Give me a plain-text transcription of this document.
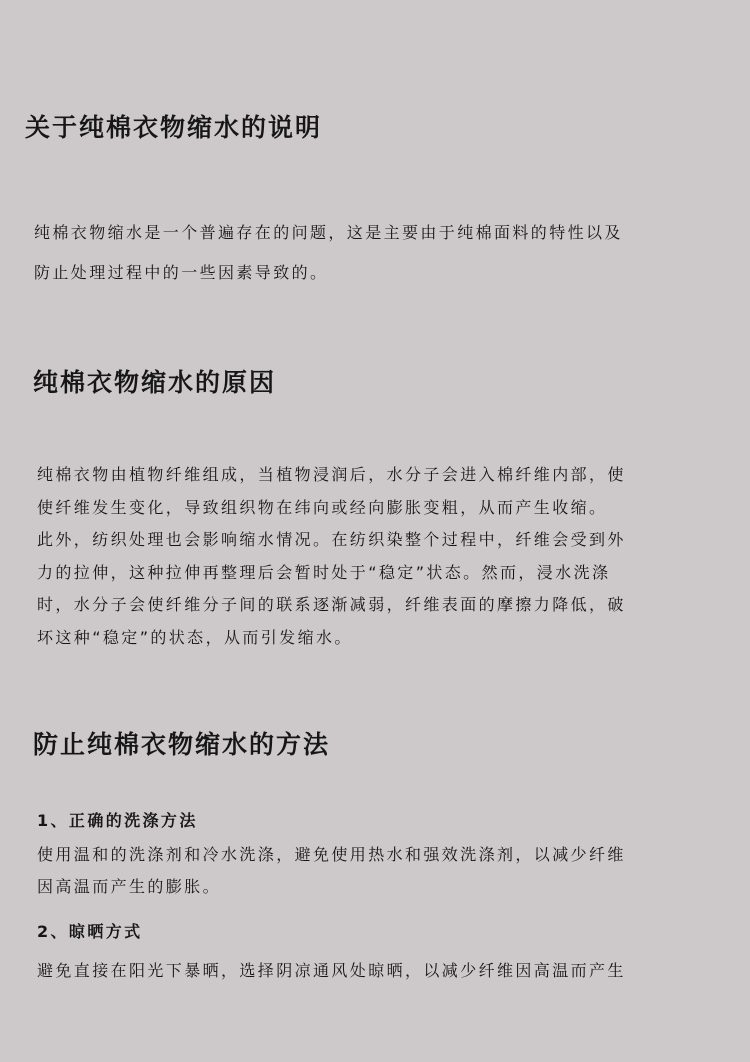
关于纯棉衣物缩水的说明
纯棉衣物缩水是一个普遍存在的问题，这是主要由于纯棉面料的特性以及
防止处理过程中的一些因素导致的。
纯棉衣物缩水的原因
纯棉衣物由植物纤维组成，当植物浸润后，水分子会进入棉纤维内部，使
使纤维发生变化，导致组织物在纬向或经向膨胀变粗，从而产生收缩。
此外，纺织处理也会影响缩水情况。在纺织染整个过程中，纤维会受到外
力的拉伸，这种拉伸再整理后会暂时处于“稳定”状态。然而，浸水洗涤
时，水分子会使纤维分子间的联系逐渐减弱，纤维表面的摩擦力降低，破
坏这种“稳定”的状态，从而引发缩水。
防止纯棉衣物缩水的方法
1、正确的洗涤方法
使用温和的洗涤剂和冷水洗涤，避免使用热水和强效洗涤剂，以减少纤维
因高温而产生的膨胀。
2、晾晒方式
避免直接在阳光下暴晒，选择阴凉通风处晾晒，以减少纤维因高温而产生
